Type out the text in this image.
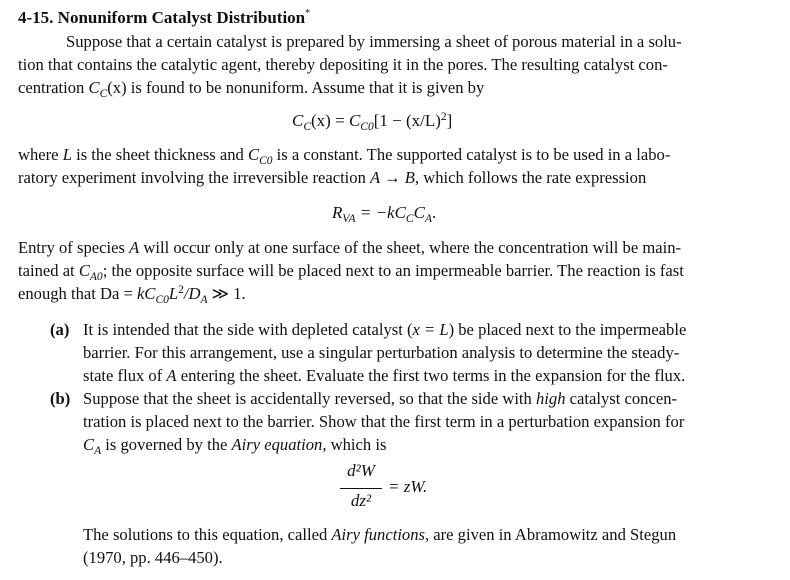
4-15. Nonuniform Catalyst Distribution*
Suppose that a certain catalyst is prepared by immersing a sheet of porous material in a solu-
tion that contains the catalytic agent, thereby depositing it in the pores. The resulting catalyst con-
centration $C_C(x)$ is found to be nonuniform. Assume that it is given by
$C_C(x) = C_{C0}[1 - (x/L)^2]$
where L is the sheet thickness and $C_{C0}$ is a constant. The supported catalyst is to be used in a labo-
ratory experiment involving the irreversible reaction A → B, which follows the rate expression
$R_{VA} = -kC_CC_A$.
Entry of species A will occur only at one surface of the sheet, where the concentration will be main-
tained at $C_{A0}$; the opposite surface will be placed next to an impermeable barrier. The reaction is fast
enough that $Da = kC_{C0}L^2/D_A$ ≫ 1.
(a) It is intended that the side with depleted catalyst (x = L) be placed next to the impermeable
barrier. For this arrangement, use a singular perturbation analysis to determine the steady-
state flux of A entering the sheet. Evaluate the first two terms in the expansion for the flux.
(b) Suppose that the sheet is accidentally reversed, so that the side with high catalyst concen-
tration is placed next to the barrier. Show that the first term in a perturbation expansion for
$C_A$ is governed by the Airy equation, which is
d²W
dz²
= zW.
The solutions to this equation, called Airy functions, are given in Abramowitz and Stegun
(1970, pp. 446–450).
